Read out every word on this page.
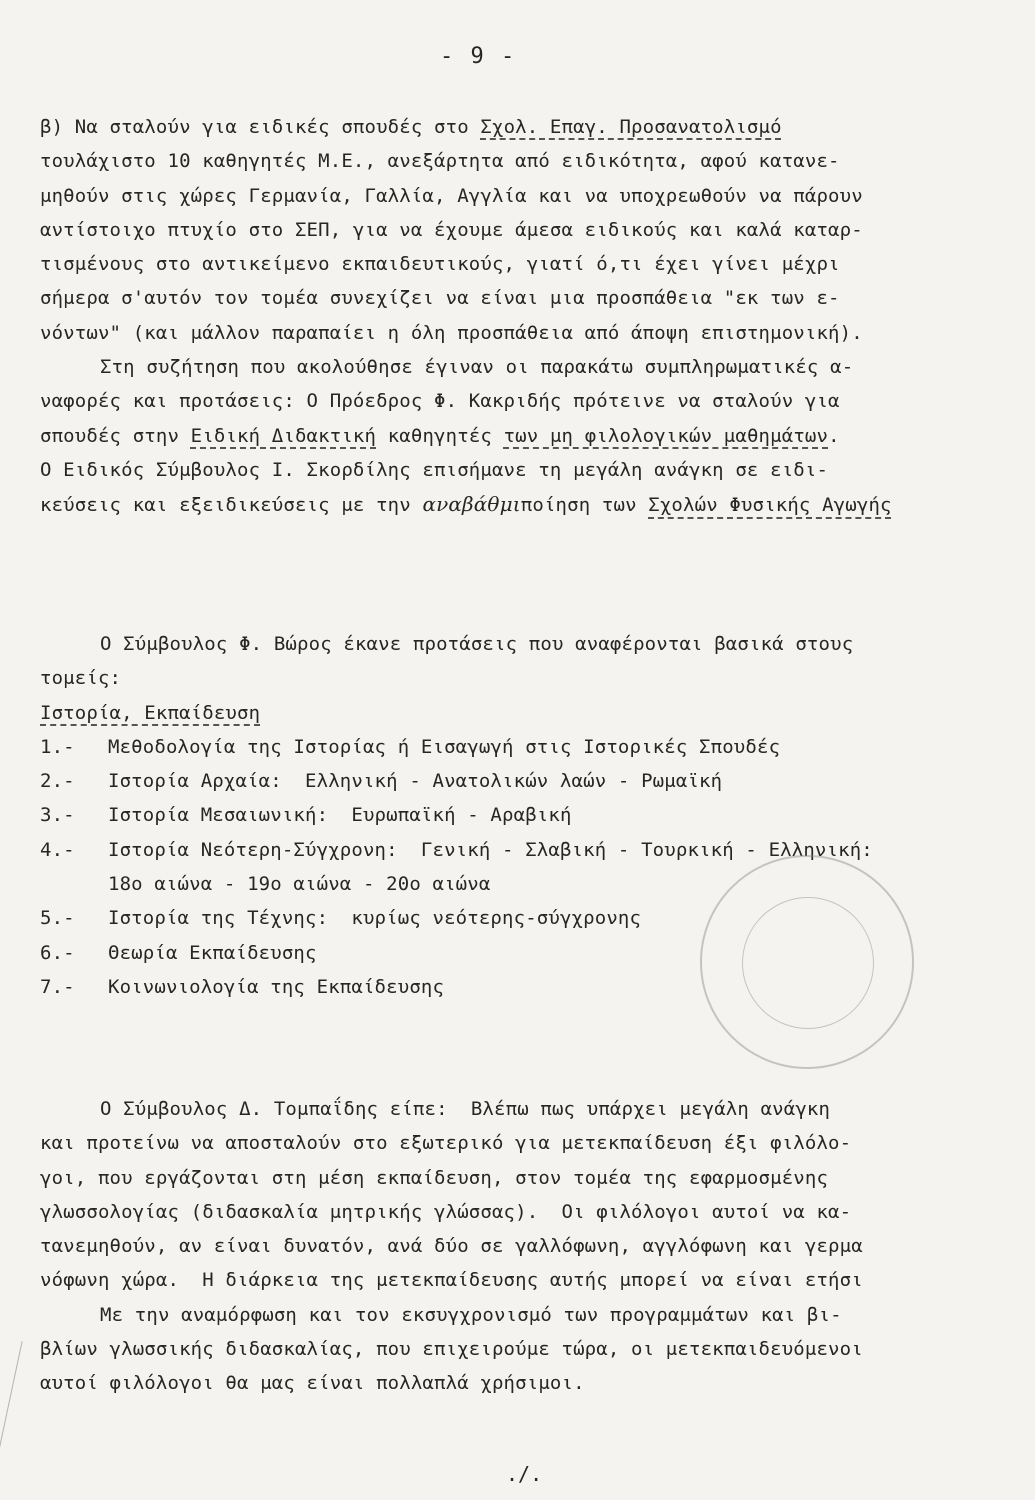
- 9 -
β) Να σταλούν για ειδικές σπουδές στο Σχολ. Επαγ. Προσανατολισμό
τουλάχιστο 10 καθηγητές Μ.Ε., ανεξάρτητα από ειδικότητα, αφού κατανε-
μηθούν στις χώρες Γερμανία, Γαλλία, Αγγλία και να υποχρεωθούν να πάρουν
αντίστοιχο πτυχίο στο ΣΕΠ, για να έχουμε άμεσα ειδικούς και καλά καταρ-
τισμένους στο αντικείμενο εκπαιδευτικούς, γιατί ό,τι έχει γίνει μέχρι
σήμερα σ'αυτόν τον τομέα συνεχίζει να είναι μια προσπάθεια "εκ των ε-
νόντων" (και μάλλον παραπαίει η όλη προσπάθεια από άποψη επιστημονική).
Στη συζήτηση που ακολούθησε έγιναν οι παρακάτω συμπληρωματικές α-
ναφορές και προτάσεις: Ο Πρόεδρος Φ. Κακριδής πρότεινε να σταλούν για
σπουδές στην Ειδική Διδακτική καθηγητές των μη φιλολογικών μαθημάτων.
Ο Ειδικός Σύμβουλος Ι. Σκορδίλης επισήμανε τη μεγάλη ανάγκη σε ειδι-
κεύσεις και εξειδικεύσεις με την αναβάθμιποίηση των Σχολών Φυσικής Αγωγής
Ο Σύμβουλος Φ. Βώρος έκανε προτάσεις που αναφέρονται βασικά στους
τομείς:
Ιστορία, Εκπαίδευση
1.- Μεθοδολογία της Ιστορίας ή Εισαγωγή στις Ιστορικές Σπουδές
2.- Ιστορία Αρχαία:  Ελληνική - Ανατολικών λαών - Ρωμαϊκή
3.- Ιστορία Μεσαιωνική:  Ευρωπαϊκή - Αραβική
4.- Ιστορία Νεότερη-Σύγχρονη:  Γενική - Σλαβική - Τουρκική - Ελληνική:
18ο αιώνα - 19ο αιώνα - 20ο αιώνα
5.- Ιστορία της Τέχνης:  κυρίως νεότερης-σύγχρονης
6.- Θεωρία Εκπαίδευσης
7.- Κοινωνιολογία της Εκπαίδευσης
Ο Σύμβουλος Δ. Τομπαΐδης είπε:  Βλέπω πως υπάρχει μεγάλη ανάγκη
και προτείνω να αποσταλούν στο εξωτερικό για μετεκπαίδευση έξι φιλόλο-
γοι, που εργάζονται στη μέση εκπαίδευση, στον τομέα της εφαρμοσμένης
γλωσσολογίας (διδασκαλία μητρικής γλώσσας).  Οι φιλόλογοι αυτοί να κα-
τανεμηθούν, αν είναι δυνατόν, ανά δύο σε γαλλόφωνη, αγγλόφωνη και γερμα
νόφωνη χώρα.  Η διάρκεια της μετεκπαίδευσης αυτής μπορεί να είναι ετήσι
Με την αναμόρφωση και τον εκσυγχρονισμό των προγραμμάτων και βι-
βλίων γλωσσικής διδασκαλίας, που επιχειρούμε τώρα, οι μετεκπαιδευόμενοι
αυτοί φιλόλογοι θα μας είναι πολλαπλά χρήσιμοι.
./.
